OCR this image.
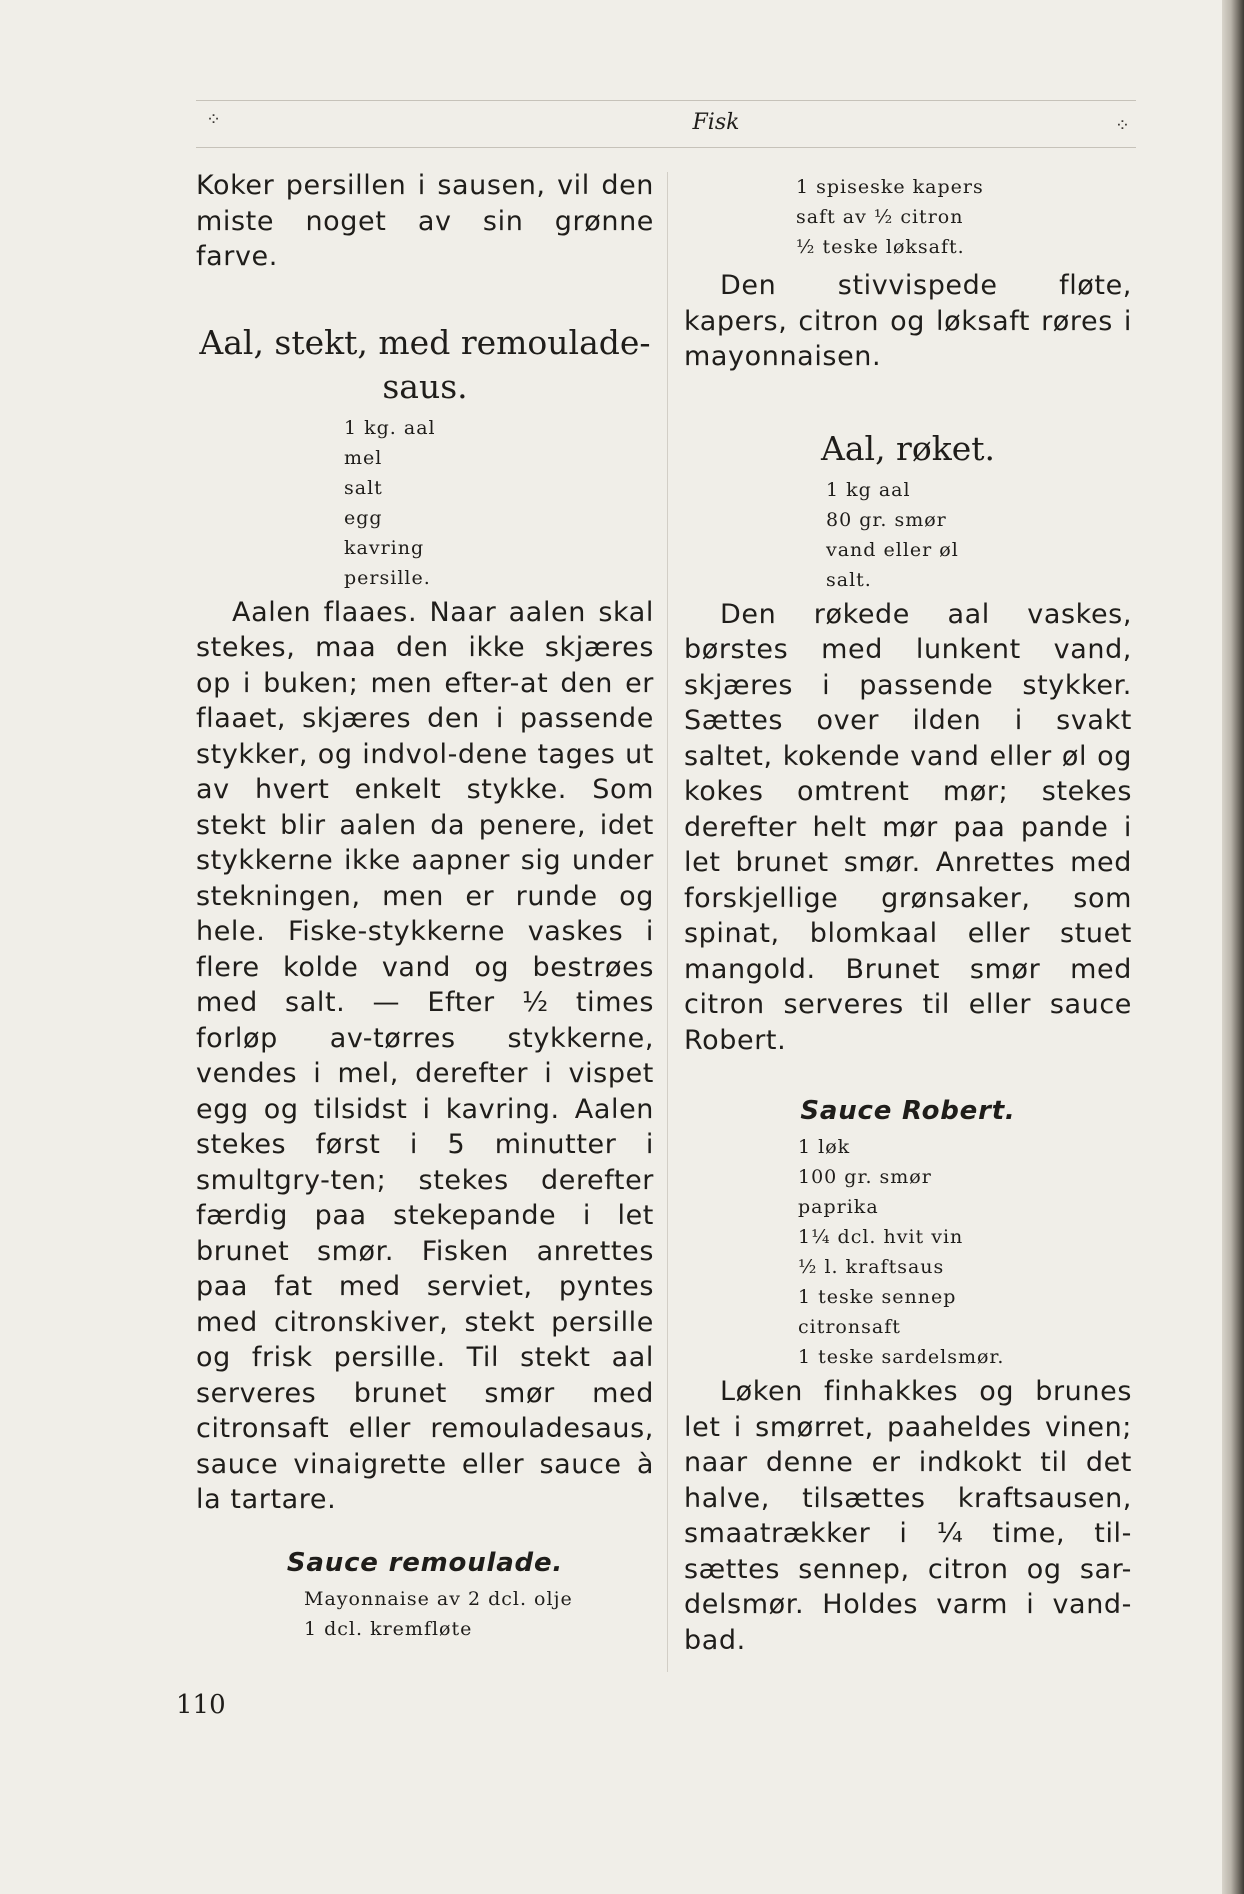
⁘	Fisk	⁘

Koker persillen i sausen, vil den miste noget av sin grønne farve.

Aal, stekt, med remoulade-saus.
1 kg. aal
mel
salt
egg
kavring
persille.

Aalen flaaes. Naar aalen skal stekes, maa den ikke skjæres op i buken; men efter-at den er flaaet, skjæres den i passende stykker, og indvol-dene tages ut av hvert enkelt stykke. Som stekt blir aalen da penere, idet stykkerne ikke aapner sig under stekningen, men er runde og hele. Fiske-stykkerne vaskes i flere kolde vand og bestrøes med salt. — Efter ½ times forløp av-tørres stykkerne, vendes i mel, derefter i vispet egg og tilsidst i kavring. Aalen stekes først i 5 minutter i smultgry-ten; stekes derefter færdig paa stekepande i let brunet smør. Fisken anrettes paa fat med serviet, pyntes med citronskiver, stekt persille og frisk persille. Til stekt aal serveres brunet smør med citronsaft eller remouladesaus, sauce vinaigrette eller sauce à la tartare.

Sauce remoulade.
Mayonnaise av 2 dcl. olje
1 dcl. kremfløte
1 spiseske kapers
saft av ½ citron
½ teske løksaft.

Den stivvispede fløte, kapers, citron og løksaft røres i mayonnaisen.

Aal, røket.
1 kg aal
80 gr. smør
vand eller øl
salt.

Den røkede aal vaskes, børstes med lunkent vand, skjæres i passende stykker. Sættes over ilden i svakt saltet, kokende vand eller øl og kokes omtrent mør; stekes derefter helt mør paa pande i let brunet smør. Anrettes med forskjellige grønsaker, som spinat, blomkaal eller stuet mangold. Brunet smør med citron serveres til eller sauce Robert.

Sauce Robert.
1 løk
100 gr. smør
paprika
1¼ dcl. hvit vin
½ l. kraftsaus
1 teske sennep
citronsaft
1 teske sardelsmør.

Løken finhakkes og brunes let i smørret, paaheldes vinen; naar denne er indkokt til det halve, tilsættes kraftsausen, smaatrækker i ¼ time, til-sættes sennep, citron og sar-delsmør. Holdes varm i vand-bad.

110
